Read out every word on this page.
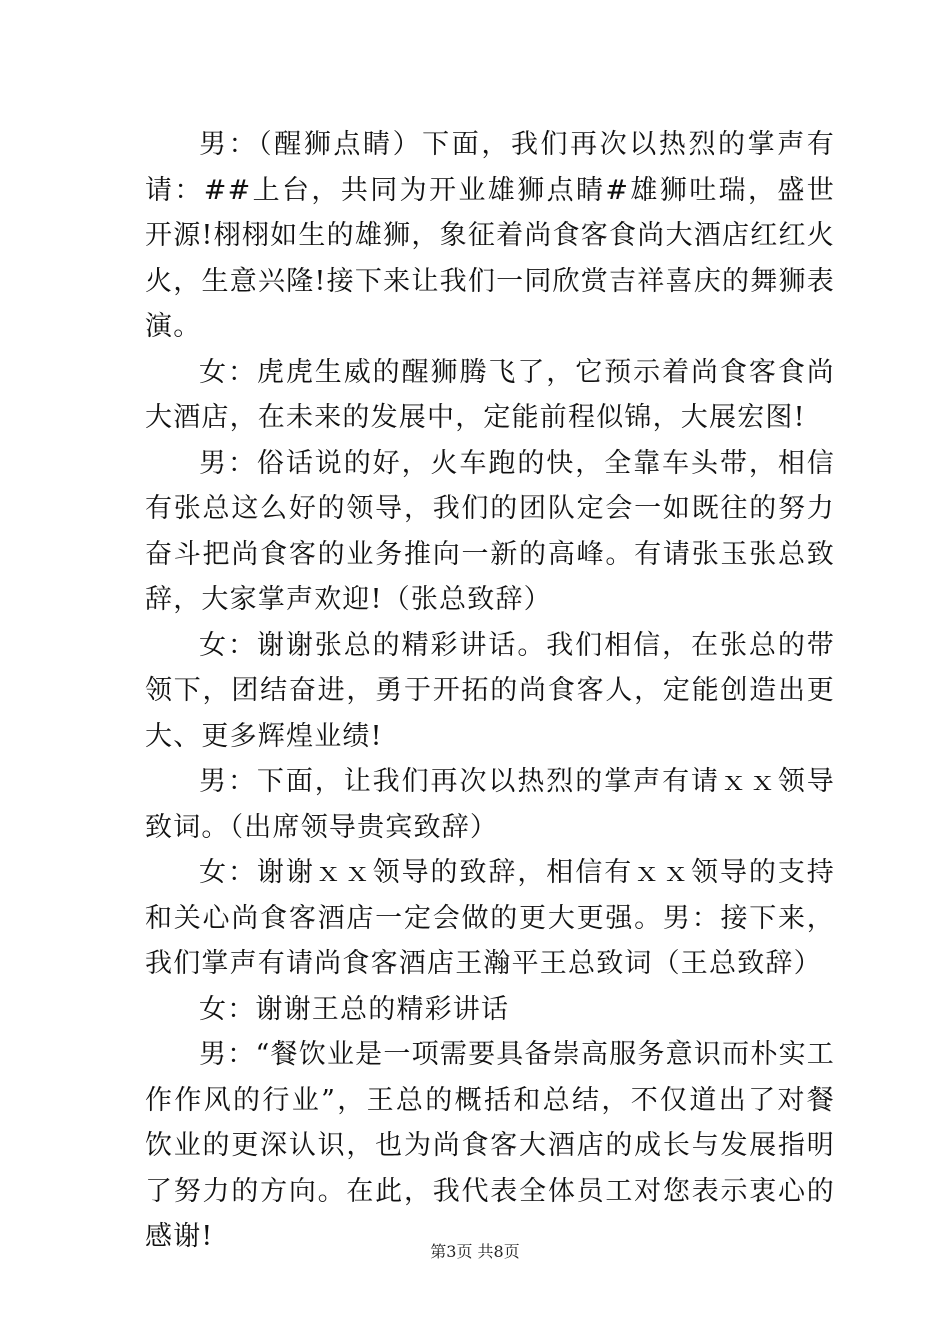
男：（醒狮点睛）下面，我们再次以热烈的掌声有请：##上台，共同为开业雄狮点睛#雄狮吐瑞，盛世开源!栩栩如生的雄狮，象征着尚食客食尚大酒店红红火火，生意兴隆!接下来让我们一同欣赏吉祥喜庆的舞狮表演。

女：虎虎生威的醒狮腾飞了，它预示着尚食客食尚大酒店，在未来的发展中，定能前程似锦，大展宏图!

男：俗话说的好，火车跑的快，全靠车头带，相信有张总这么好的领导，我们的团队定会一如既往的努力奋斗把尚食客的业务推向一新的高峰。有请张玉张总致辞，大家掌声欢迎!（张总致辞）

女：谢谢张总的精彩讲话。我们相信，在张总的带领下，团结奋进，勇于开拓的尚食客人，定能创造出更大、更多辉煌业绩!

男：下面，让我们再次以热烈的掌声有请ｘｘ领导致词。（出席领导贵宾致辞）

女：谢谢ｘｘ领导的致辞，相信有ｘｘ领导的支持和关心尚食客酒店一定会做的更大更强。男：接下来，我们掌声有请尚食客酒店王瀚平王总致词（王总致辞）

女：谢谢王总的精彩讲话

男：“餐饮业是一项需要具备崇高服务意识而朴实工作作风的行业”，王总的概括和总结，不仅道出了对餐饮业的更深认识，也为尚食客大酒店的成长与发展指明了努力的方向。在此，我代表全体员工对您表示衷心的感谢!	第3页 共8页
